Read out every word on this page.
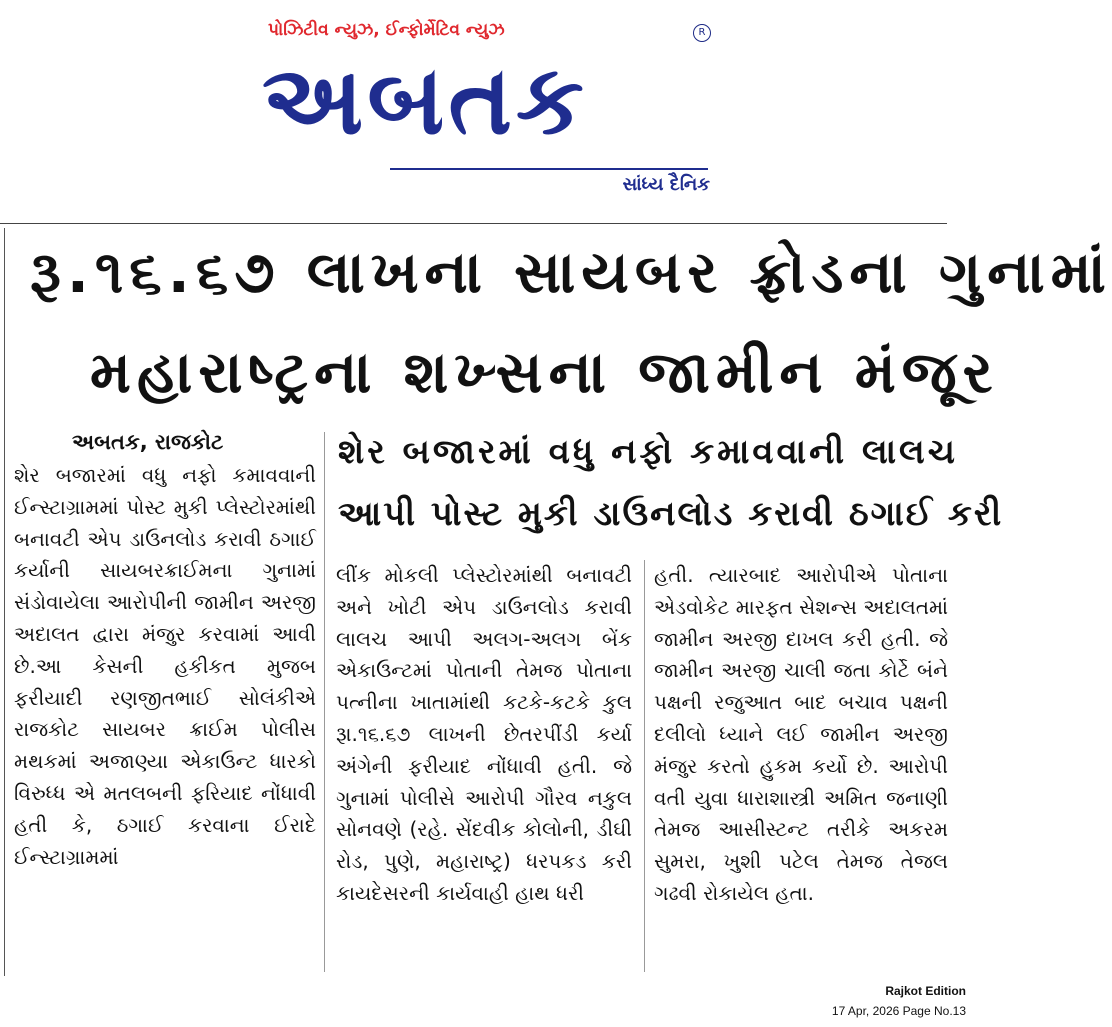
પોઝિટીવ ન્યુઝ, ઈન્ફોર્મેટિવ ન્યુઝ	R
અબતક
સાંધ્ય દૈનિક
રૂ.૧૬.૬૭ લાખના સાયબર ફ્રોડના ગુનામાં
મહારાષ્ટ્રના શખ્સના જામીન મંજૂર
શેર બજારમાં વધુ નફો કમાવવાની લાલચ
આપી પોસ્ટ મુકી ડાઉનલોડ કરાવી ઠગાઈ કરી
અબતક, રાજકોટ

શેર બજારમાં વધુ નફો કમાવવાની ઈન્સ્ટાગ્રામમાં પોસ્ટ મુકી પ્લેસ્ટોરમાંથી બનાવટી એપ ડાઉનલોડ કરાવી ઠગાઈ કર્યાની સાયબરક્રાઈમના ગુનામાં સંડોવાયેલા આરોપીની જામીન અરજી અદાલત દ્વારા મંજુર કરવામાં આવી છે.આ કેસની હકીકત મુજબ ફરીયાદી રણજીતભાઈ સોલંકીએ રાજકોટ સાયબર ક્રાઈમ પોલીસ મથકમાં અજાણ્યા એકાઉન્ટ ધારકો વિરુધ્ધ એ મતલબની ફરિયાદ નોંધાવી હતી કે, ઠગાઈ કરવાના ઈરાદે ઈન્સ્ટાગ્રામમાં

લીંક મોકલી પ્લેસ્ટોરમાંથી બનાવટી અને ખોટી એપ ડાઉનલોડ કરાવી લાલચ આપી અલગ-અલગ બેંક એકાઉન્ટમાં પોતાની તેમજ પોતાના પત્નીના ખાતામાંથી કટકે-કટકે કુલ રૂા.૧૬.૬૭ લાખની છેતરપીંડી કર્યા અંગેની ફરીયાદ નોંધાવી હતી. જે ગુનામાં પોલીસે આરોપી ગૌરવ નકુલ સોનવણે (રહે. સેંદવીક કોલોની, ડીઘી રોડ, પુણે, મહારાષ્ટ્ર) ધરપકડ કરી કાયદેસરની કાર્યવાહી હાથ ધરી

હતી. ત્યારબાદ આરોપીએ પોતાના એડવોકેટ મારફત સેશન્સ અદાલતમાં જામીન અરજી દાખલ કરી હતી. જે જામીન અરજી ચાલી જતા કોર્ટે બંને પક્ષની રજુઆત બાદ બચાવ પક્ષની દલીલો ધ્યાને લઈ જામીન અરજી મંજુર કરતો હુકમ કર્યો છે. આરોપી વતી યુવા ધારાશાસ્ત્રી અમિત જનાણી તેમજ આસીસ્ટન્ટ તરીકે અકરમ સુમરા, ખુશી પટેલ તેમજ તેજલ ગઢવી રોકાયેલ હતા.

Rajkot Edition
17 Apr, 2026 Page No.13
